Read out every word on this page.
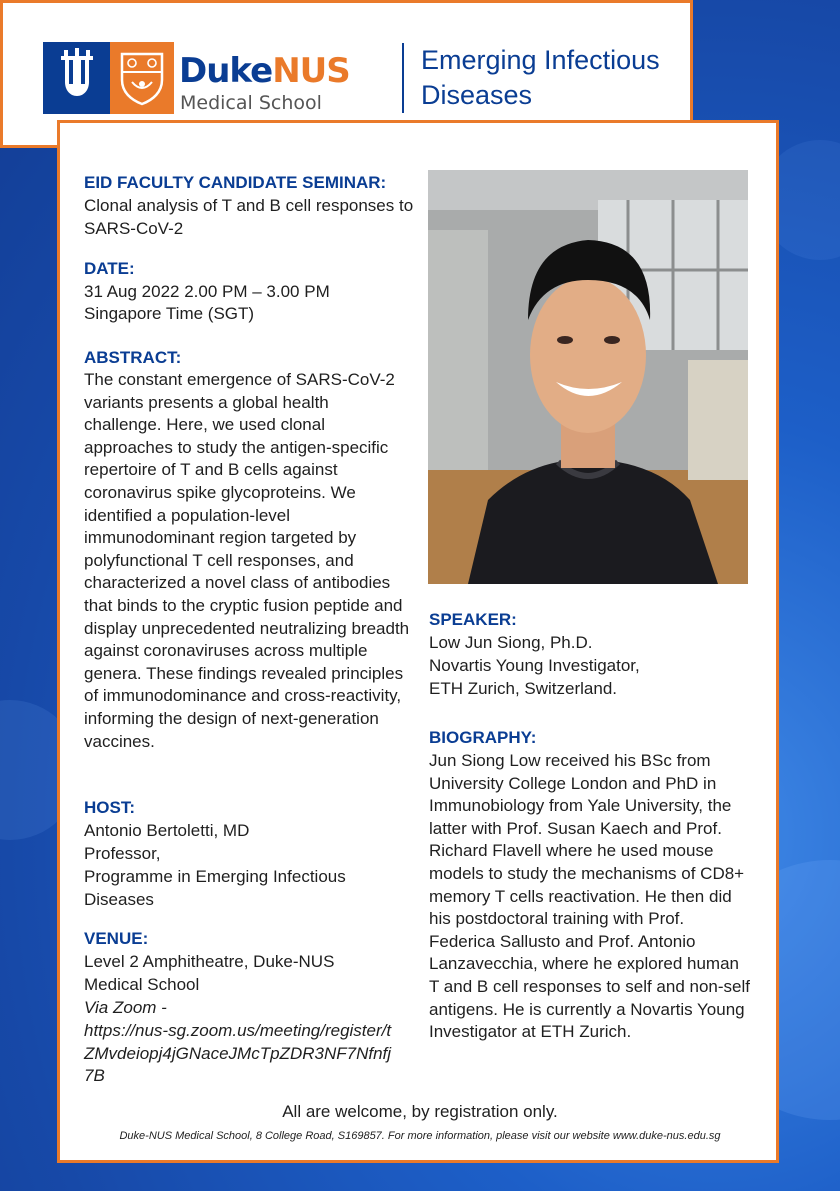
DukeNUS
Medical School
Emerging Infectious Diseases

EID FACULTY CANDIDATE SEMINAR:

Clonal analysis of T and B cell responses to SARS-CoV-2

DATE:

31 Aug 2022 2.00 PM – 3.00 PM

Singapore Time (SGT)

ABSTRACT:

The constant emergence of SARS-CoV-2 variants presents a global health challenge. Here, we used clonal approaches to study the antigen-specific repertoire of T and B cells against coronavirus spike glycoproteins. We identified a population-level immunodominant region targeted by polyfunctional T cell responses, and characterized a novel class of antibodies that binds to the cryptic fusion peptide and display unprecedented neutralizing breadth against coronaviruses across multiple genera. These findings revealed principles of immunodominance and cross-reactivity, informing the design of next-generation vaccines.

HOST:

Antonio Bertoletti, MD

Professor,

Programme in Emerging Infectious Diseases

VENUE:

Level 2 Amphitheatre, Duke-NUS Medical School

Via Zoom -

https://nus-sg.zoom.us/meeting/register/tZMvdeiopj4jGNaceJMcTpZDR3NF7Nfnfj7B

SPEAKER:

Low Jun Siong, Ph.D.

Novartis Young Investigator,

ETH Zurich, Switzerland.

BIOGRAPHY:

Jun Siong Low received his BSc from University College London and PhD in Immunobiology from Yale University, the latter with Prof. Susan Kaech and Prof. Richard Flavell where he used mouse models to study the mechanisms of CD8+ memory T cells reactivation. He then did his postdoctoral training with Prof. Federica Sallusto and Prof. Antonio Lanzavecchia, where he explored human T and B cell responses to self and non-self antigens. He is currently a Novartis Young Investigator at ETH Zurich.

All are welcome, by registration only.
Duke-NUS Medical School, 8 College Road, S169857. For more information, please visit our website www.duke-nus.edu.sg
